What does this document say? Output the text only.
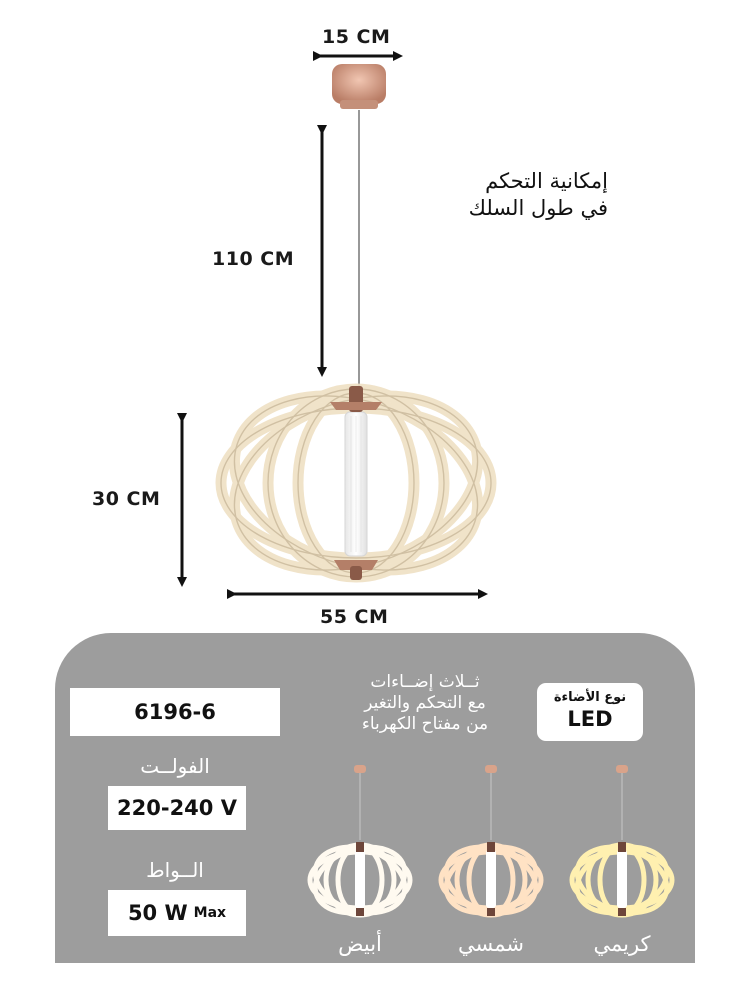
15 CM
110 CM
30 CM
55 CM
إمكانية التحكم
في طول السلك
6196-6
الفولــت
220-240 V
الــواط
50 W Max
ثــلاث إضــاءات
مع التحكم والتغير
من مفتاح الكهرباء
نوع الأضاءة
LED
أبيض	شمسي	كريمي
